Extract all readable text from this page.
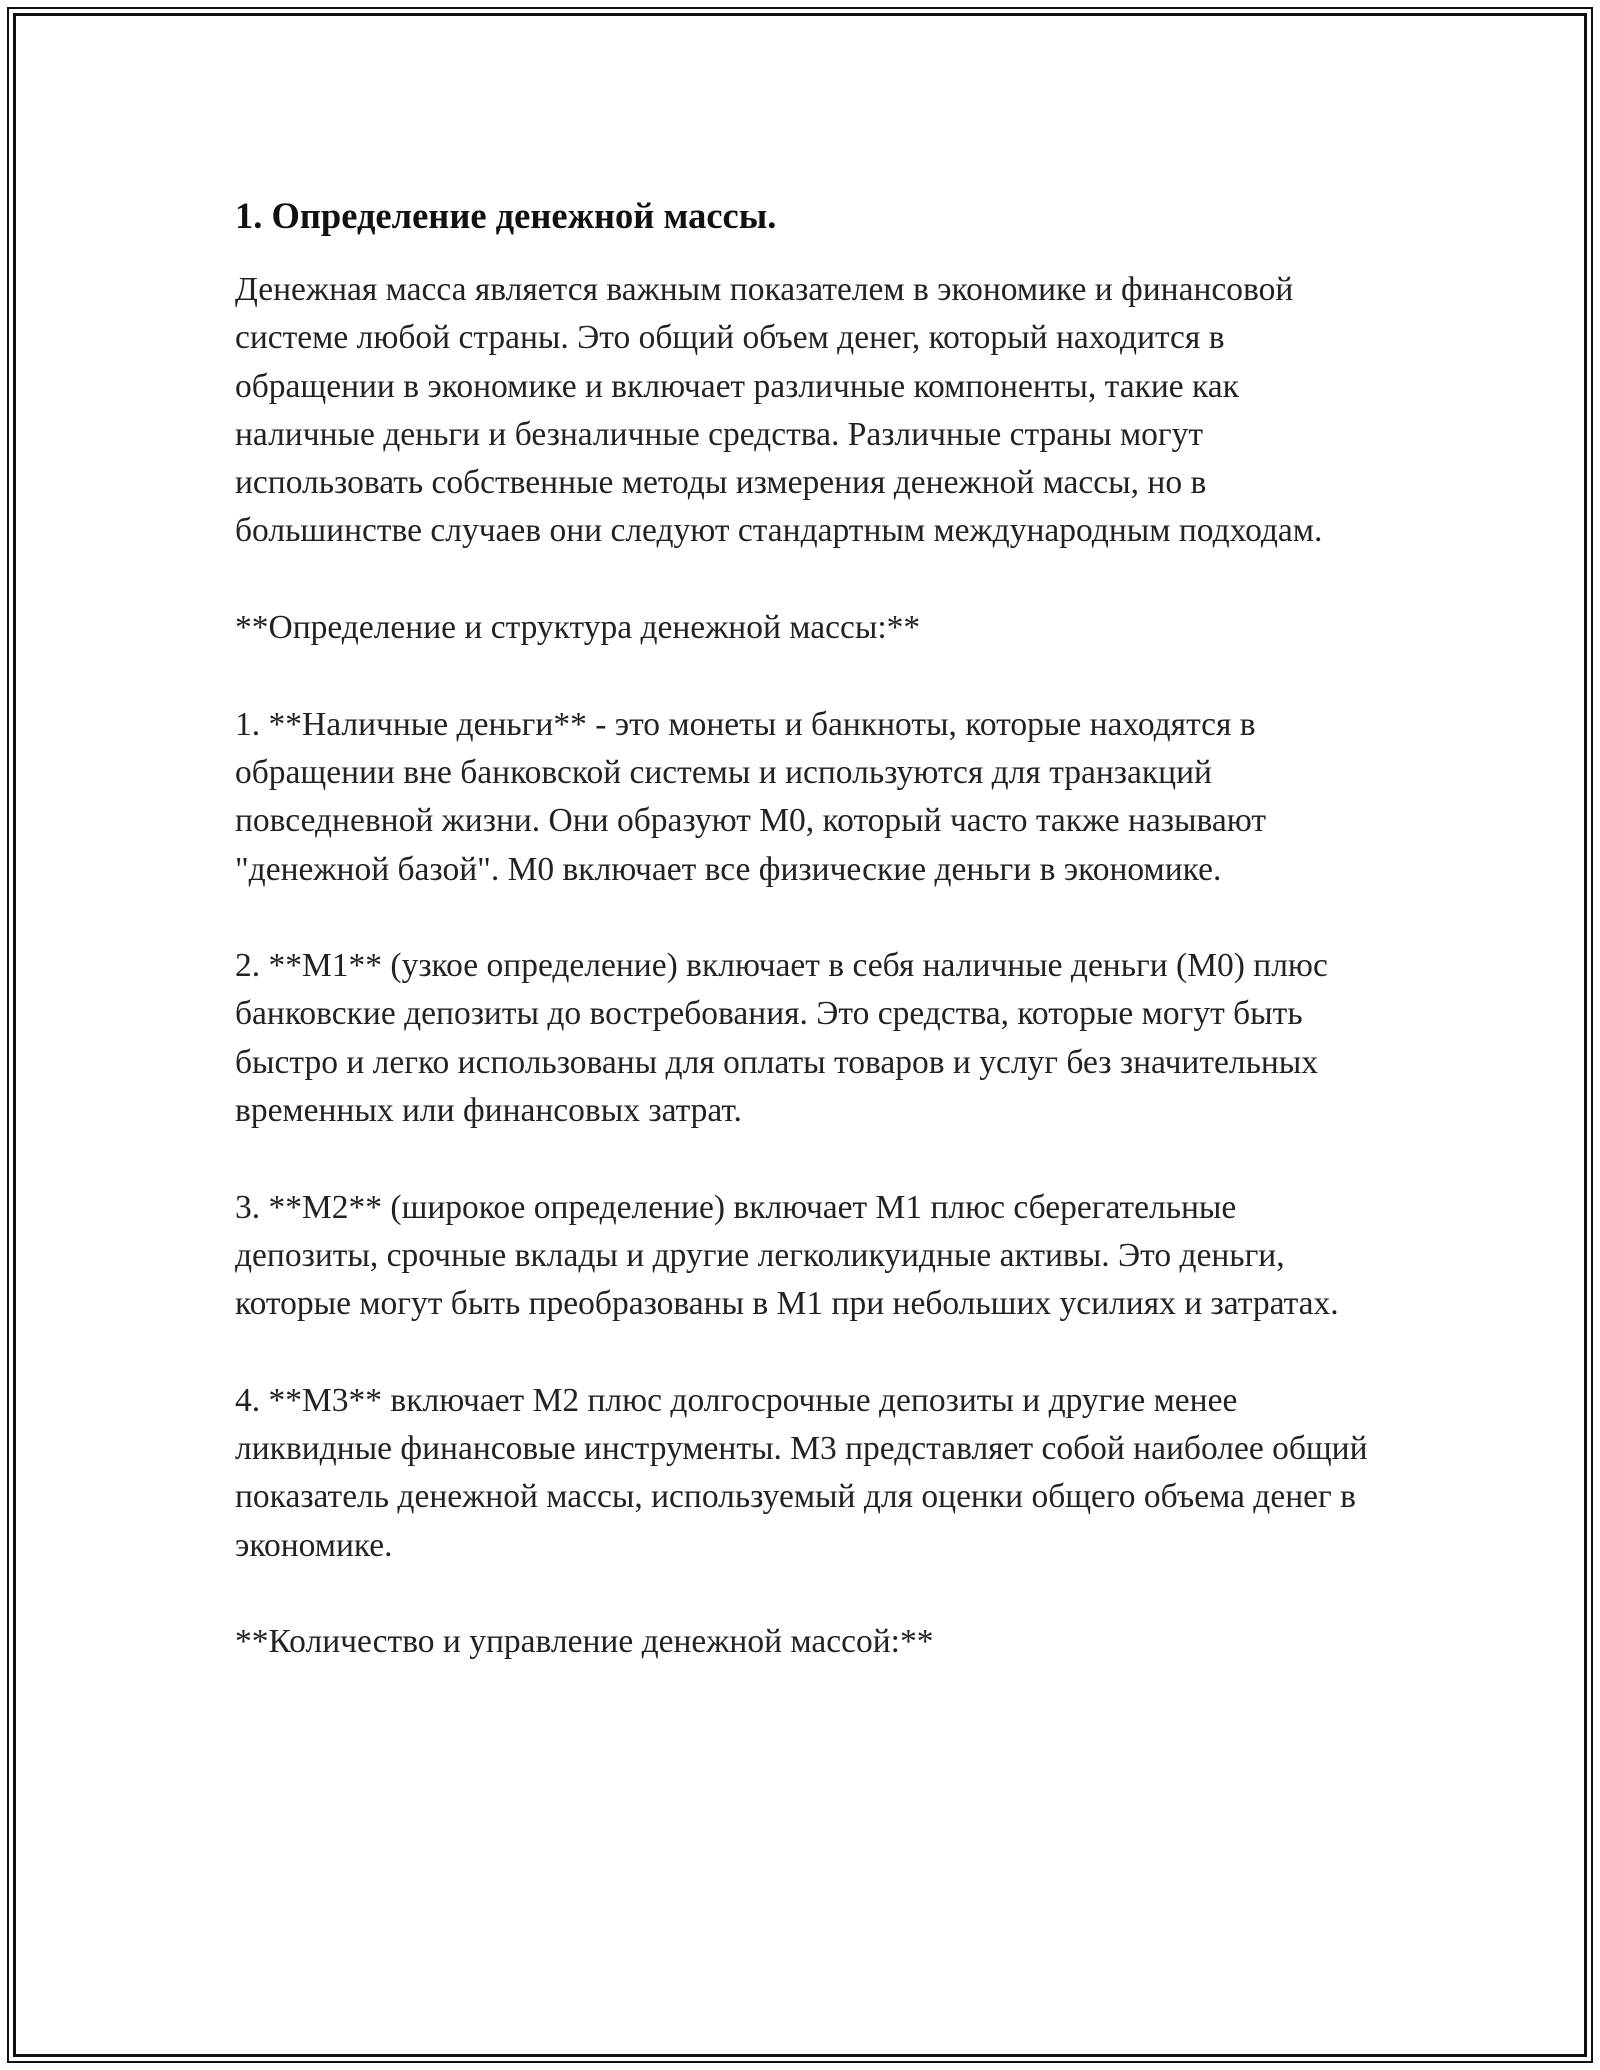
1. Определение денежной массы.

Денежная масса является важным показателем в экономике и финансовой системе любой страны. Это общий объем денег, который находится в обращении в экономике и включает различные компоненты, такие как наличные деньги и безналичные средства. Различные страны могут использовать собственные методы измерения денежной массы, но в большинстве случаев они следуют стандартным международным подходам.

**Определение и структура денежной массы:**

1. **Наличные деньги** - это монеты и банкноты, которые находятся в обращении вне банковской системы и используются для транзакций повседневной жизни. Они образуют M0, который часто также называют "денежной базой". M0 включает все физические деньги в экономике.

2. **M1** (узкое определение) включает в себя наличные деньги (M0) плюс банковские депозиты до востребования. Это средства, которые могут быть быстро и легко использованы для оплаты товаров и услуг без значительных временных или финансовых затрат.

3. **M2** (широкое определение) включает M1 плюс сберегательные депозиты, срочные вклады и другие легколикуидные активы. Это деньги, которые могут быть преобразованы в M1 при небольших усилиях и затратах.

4. **M3** включает M2 плюс долгосрочные депозиты и другие менее ликвидные финансовые инструменты. M3 представляет собой наиболее общий показатель денежной массы, используемый для оценки общего объема денег в экономике.

**Количество и управление денежной массой:**
